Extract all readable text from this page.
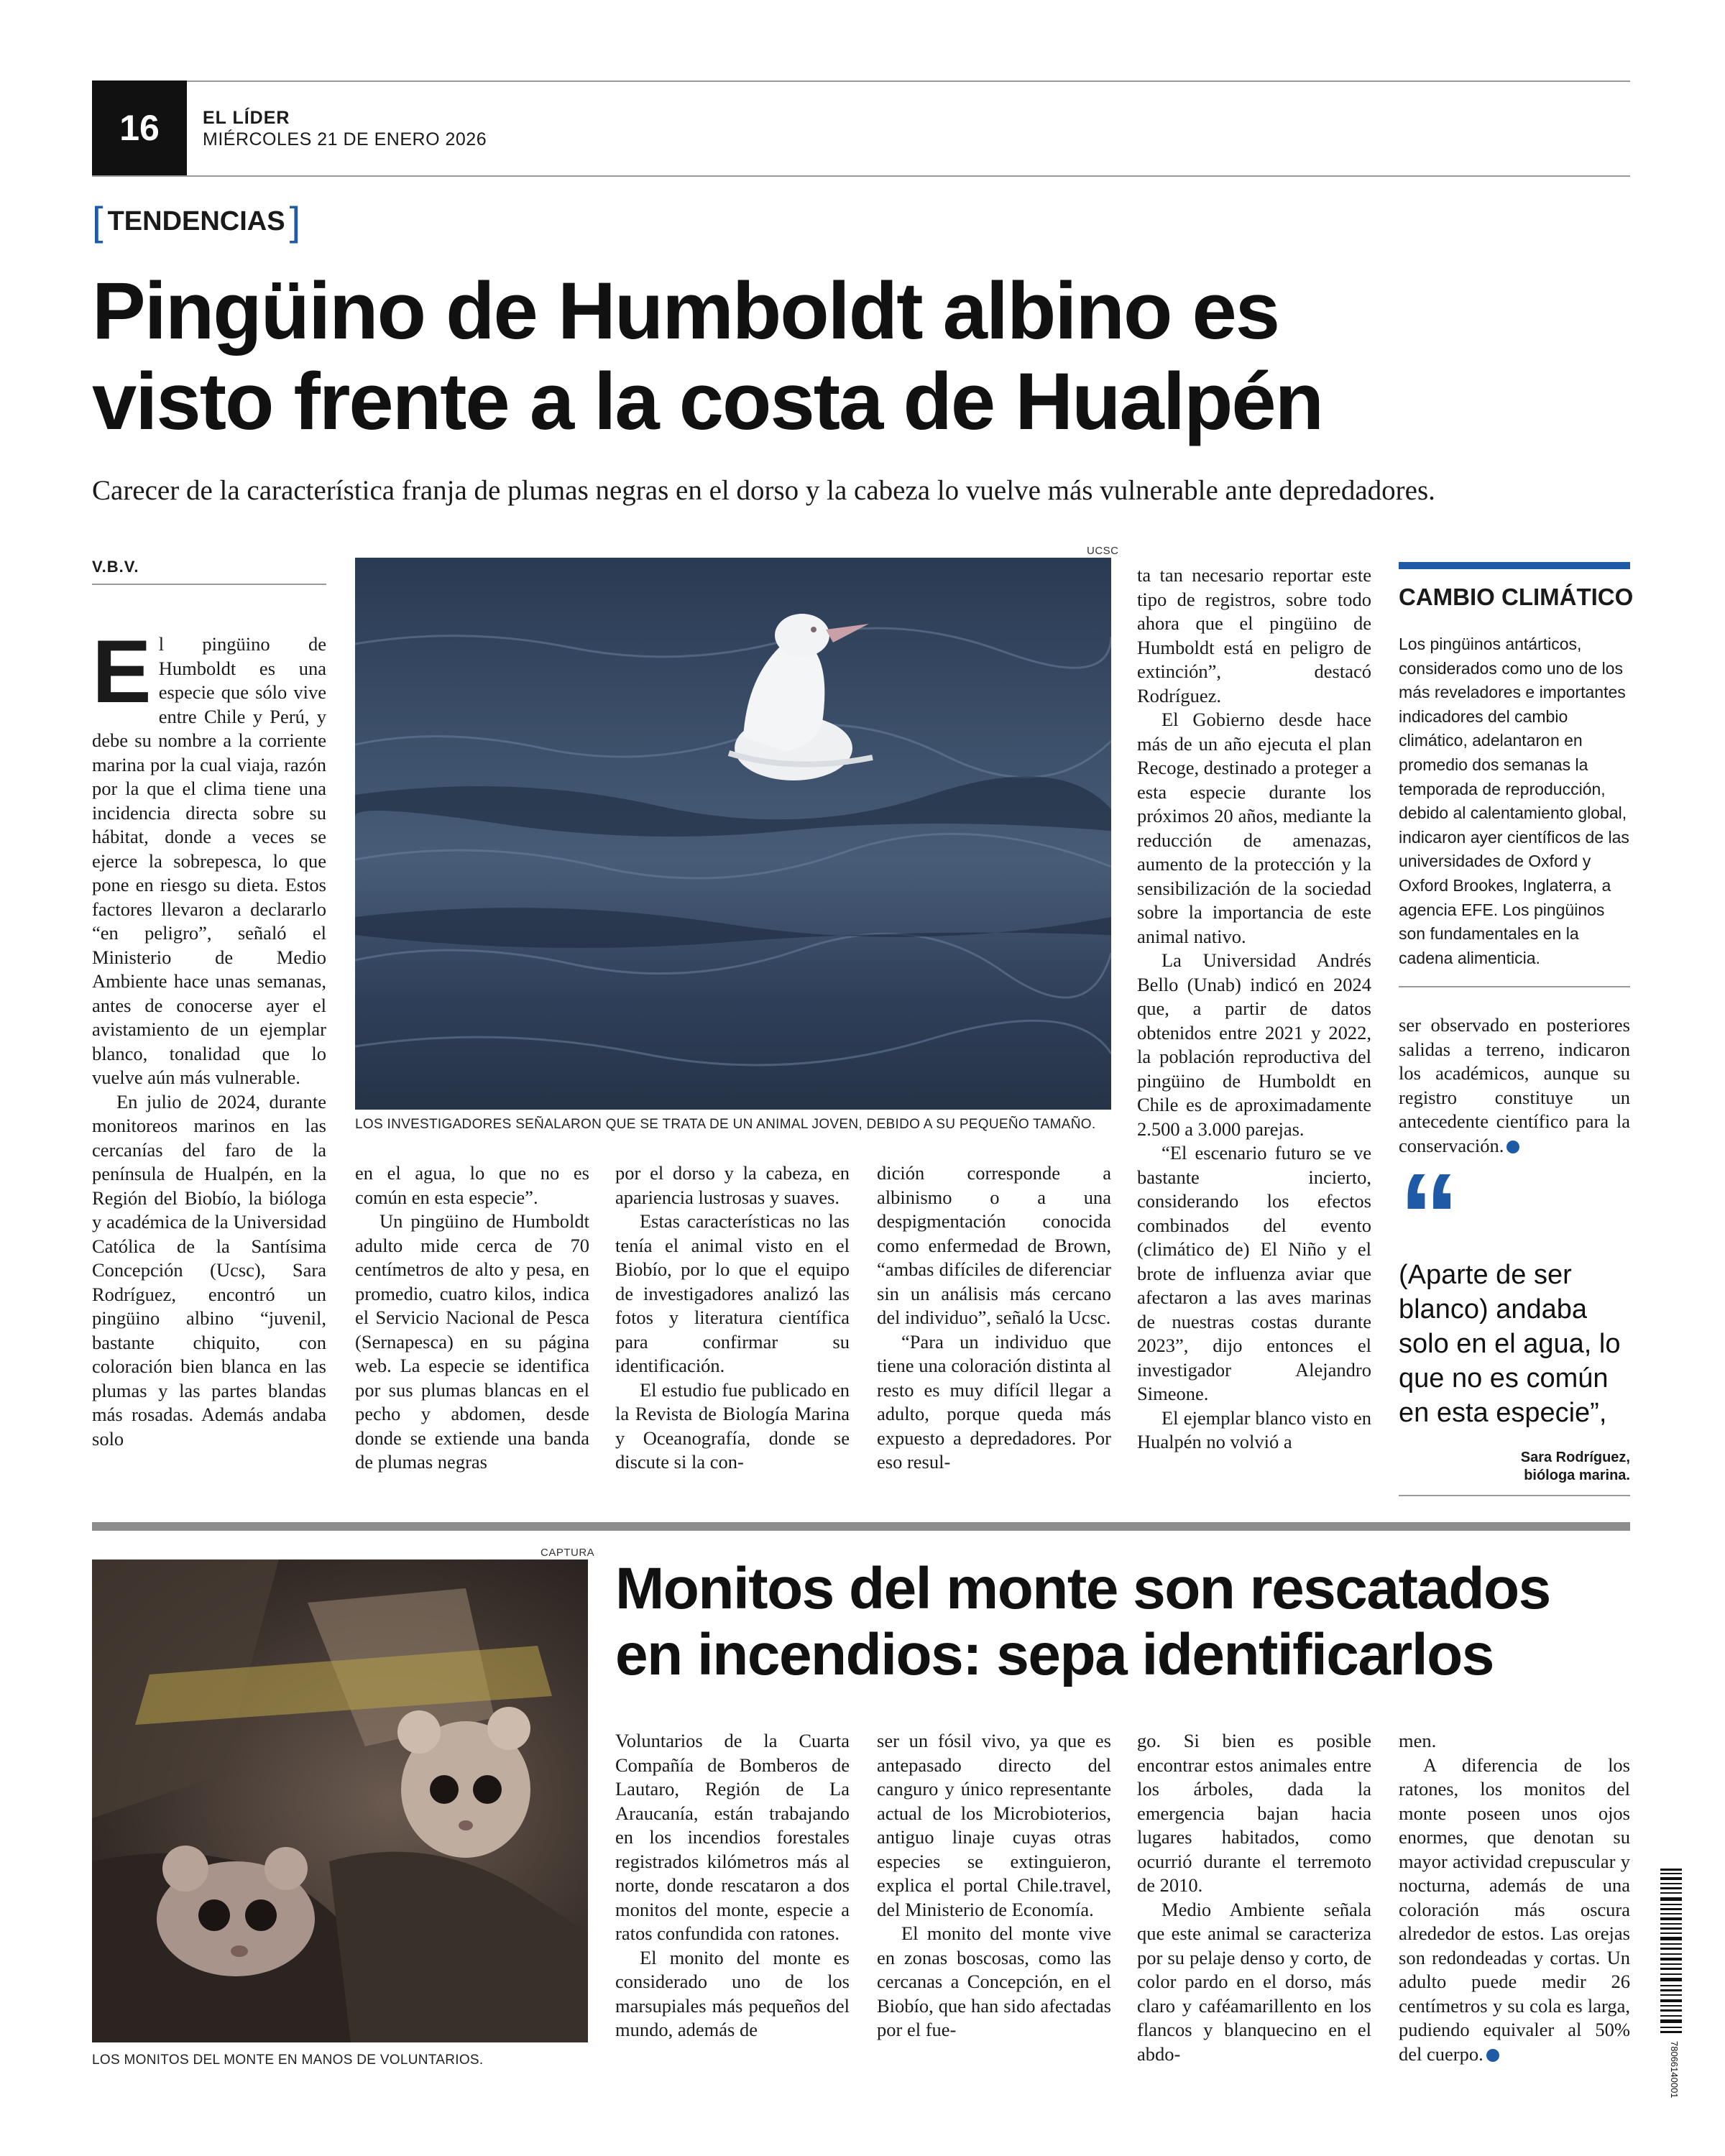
16	EL LÍDER
MIÉRCOLES 21 DE ENERO 2026
[ TENDENCIAS ]
Pingüino de Humboldt albino es
visto frente a la costa de Hualpén
Carecer de la característica franja de plumas negras en el dorso y la cabeza lo vuelve más vulnerable ante depredadores.
V.B.V.
UCSC
LOS INVESTIGADORES SEÑALARON QUE SE TRATA DE UN ANIMAL JOVEN, DEBIDO A SU PEQUEÑO TAMAÑO.

El pingüino de Humboldt es una especie que sólo vive entre Chile y Perú, y debe su nombre a la corriente marina por la cual viaja, razón por la que el clima tiene una incidencia directa sobre su hábitat, donde a veces se ejerce la sobrepesca, lo que pone en riesgo su dieta. Estos factores llevaron a declararlo “en peligro”, señaló el Ministerio de Medio Ambiente hace unas semanas, antes de conocerse ayer el avistamiento de un ejemplar blanco, tonalidad que lo vuelve aún más vulnerable.

En julio de 2024, durante monitoreos marinos en las cercanías del faro de la península de Hualpén, en la Región del Biobío, la bióloga y académica de la Universidad Católica de la Santísima Concepción (Ucsc), Sara Rodríguez, encontró un pingüino albino “juvenil, bastante chiquito, con coloración bien blanca en las plumas y las partes blandas más rosadas. Además andaba solo

en el agua, lo que no es común en esta especie”.

Un pingüino de Humboldt adulto mide cerca de 70 centímetros de alto y pesa, en promedio, cuatro kilos, indica el Servicio Nacional de Pesca (Sernapesca) en su página web. La especie se identifica por sus plumas blancas en el pecho y abdomen, desde donde se extiende una banda de plumas negras

por el dorso y la cabeza, en apariencia lustrosas y suaves.

Estas características no las tenía el animal visto en el Biobío, por lo que el equipo de investigadores analizó las fotos y literatura científica para confirmar su identificación.

El estudio fue publicado en la Revista de Biología Marina y Oceanografía, donde se discute si la con-

dición corresponde a albinismo o a una despigmentación conocida como enfermedad de Brown, “ambas difíciles de diferenciar sin un análisis más cercano del individuo”, señaló la Ucsc.

“Para un individuo que tiene una coloración distinta al resto es muy difícil llegar a adulto, porque queda más expuesto a depredadores. Por eso resul-

ta tan necesario reportar este tipo de registros, sobre todo ahora que el pingüino de Humboldt está en peligro de extinción”, destacó Rodríguez.

El Gobierno desde hace más de un año ejecuta el plan Recoge, destinado a proteger a esta especie durante los próximos 20 años, mediante la reducción de amenazas, aumento de la protección y la sensibilización de la sociedad sobre la importancia de este animal nativo.

La Universidad Andrés Bello (Unab) indicó en 2024 que, a partir de datos obtenidos entre 2021 y 2022, la población reproductiva del pingüino de Humboldt en Chile es de aproximadamente 2.500 a 3.000 parejas.

“El escenario futuro se ve bastante incierto, considerando los efectos combinados del evento (climático de) El Niño y el brote de influenza aviar que afectaron a las aves marinas de nuestras costas durante 2023”, dijo entonces el investigador Alejandro Simeone.

El ejemplar blanco visto en Hualpén no volvió a

CAMBIO CLIMÁTICO
Los pingüinos antárticos, considerados como uno de los más reveladores e importantes indicadores del cambio climático, adelantaron en promedio dos semanas la temporada de reproducción, debido al calentamiento global, indicaron ayer científicos de las universidades de Oxford y Oxford Brookes, Inglaterra, a agencia EFE. Los pingüinos son fundamentales en la cadena alimenticia.

ser observado en posteriores salidas a terreno, indicaron los académicos, aunque su registro constituye un antecedente científico para la conservación.

“
(Aparte de ser blanco) andaba solo en el agua, lo que no es común en esta especie”,
Sara Rodríguez,
bióloga marina.
CAPTURA
LOS MONITOS DEL MONTE EN MANOS DE VOLUNTARIOS.
Monitos del monte son rescatados
en incendios: sepa identificarlos

Voluntarios de la Cuarta Compañía de Bomberos de Lautaro, Región de La Araucanía, están trabajando en los incendios forestales registrados kilómetros más al norte, donde rescataron a dos monitos del monte, especie a ratos confundida con ratones.

El monito del monte es considerado uno de los marsupiales más pequeños del mundo, además de

ser un fósil vivo, ya que es antepasado directo del canguro y único representante actual de los Microbioterios, antiguo linaje cuyas otras especies se extinguieron, explica el portal Chile.travel, del Ministerio de Economía.

El monito del monte vive en zonas boscosas, como las cercanas a Concepción, en el Biobío, que han sido afectadas por el fue-

go. Si bien es posible encontrar estos animales entre los árboles, dada la emergencia bajan hacia lugares habitados, como ocurrió durante el terremoto de 2010.

Medio Ambiente señala que este animal se caracteriza por su pelaje denso y corto, de color pardo en el dorso, más claro y caféamarillento en los flancos y blanquecino en el abdo-

men.

A diferencia de los ratones, los monitos del monte poseen unos ojos enormes, que denotan su mayor actividad crepuscular y nocturna, además de una coloración más oscura alrededor de estos. Las orejas son redondeadas y cortas. Un adulto puede medir 26 centímetros y su cola es larga, pudiendo equivaler al 50% del cuerpo.	7806614000138
